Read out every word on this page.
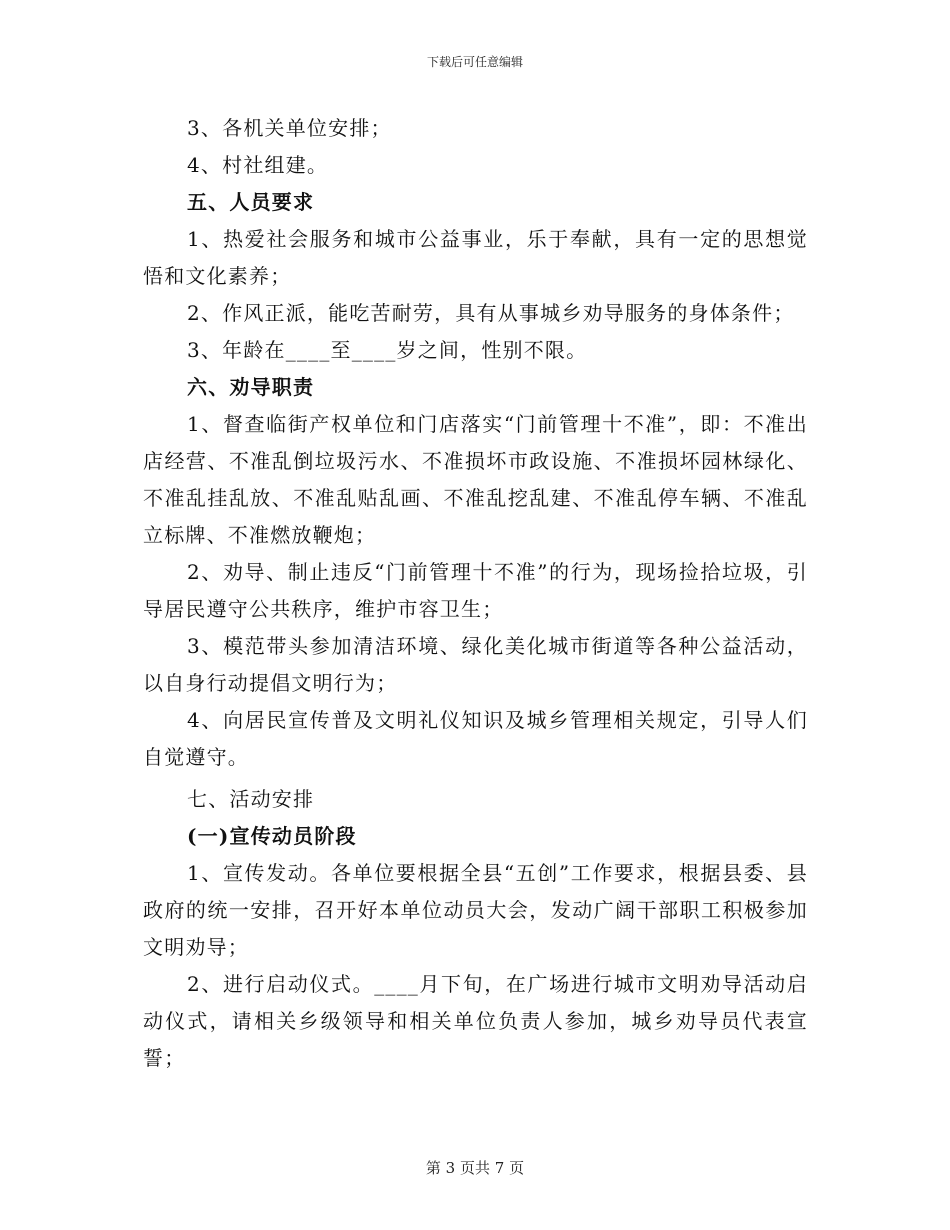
下载后可任意编辑

3、各机关单位安排；

4、村社组建。

五、人员要求

1、热爱社会服务和城市公益事业，乐于奉献，具有一定的思想觉悟和文化素养；

2、作风正派，能吃苦耐劳，具有从事城乡劝导服务的身体条件；

3、年龄在____至____岁之间，性别不限。

六、劝导职责

1、督查临街产权单位和门店落实“门前管理十不准”，即：不准出店经营、不准乱倒垃圾污水、不准损坏市政设施、不准损坏园林绿化、不准乱挂乱放、不准乱贴乱画、不准乱挖乱建、不准乱停车辆、不准乱立标牌、不准燃放鞭炮；

2、劝导、制止违反“门前管理十不准”的行为，现场捡拾垃圾，引导居民遵守公共秩序，维护市容卫生；

3、模范带头参加清洁环境、绿化美化城市街道等各种公益活动，以自身行动提倡文明行为；

4、向居民宣传普及文明礼仪知识及城乡管理相关规定，引导人们自觉遵守。

七、活动安排

(一)宣传动员阶段

1、宣传发动。各单位要根据全县“五创”工作要求，根据县委、县政府的统一安排，召开好本单位动员大会，发动广阔干部职工积极参加文明劝导；

2、进行启动仪式。____月下旬，在广场进行城市文明劝导活动启动仪式，请相关乡级领导和相关单位负责人参加，城乡劝导员代表宣誓；

第 3 页共 7 页
